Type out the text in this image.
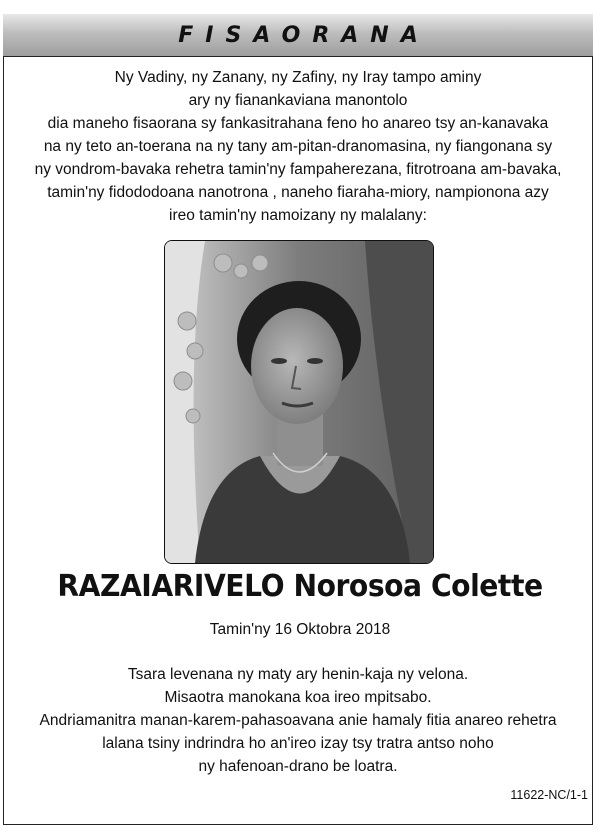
FISAORANA
Ny Vadiny, ny Zanany, ny Zafiny, ny Iray tampo aminy
ary ny fianankaviana manontolo
dia maneho fisaorana sy fankasitrahana feno ho anareo tsy an-kanavaka
na ny teto an-toerana na ny tany am-pitan-dranomasina, ny fiangonana sy
ny vondrom-bavaka rehetra tamin'ny fampaherezana, fitrotroana am-bavaka,
tamin'ny fidododoana nanotrona , naneho fiaraha-miory, nampionona azy
ireo tamin'ny namoizany ny malalany:
RAZAIARIVELO Norosoa Colette
Tamin'ny 16 Oktobra 2018
Tsara levenana ny maty ary henin-kaja ny velona.
Misaotra manokana koa ireo mpitsabo.
Andriamanitra manan-karem-pahasoavana anie hamaly fitia anareo rehetra
lalana tsiny indrindra ho an'ireo izay tsy tratra antso noho
ny hafenoan-drano be loatra.
11622-NC/1-1
